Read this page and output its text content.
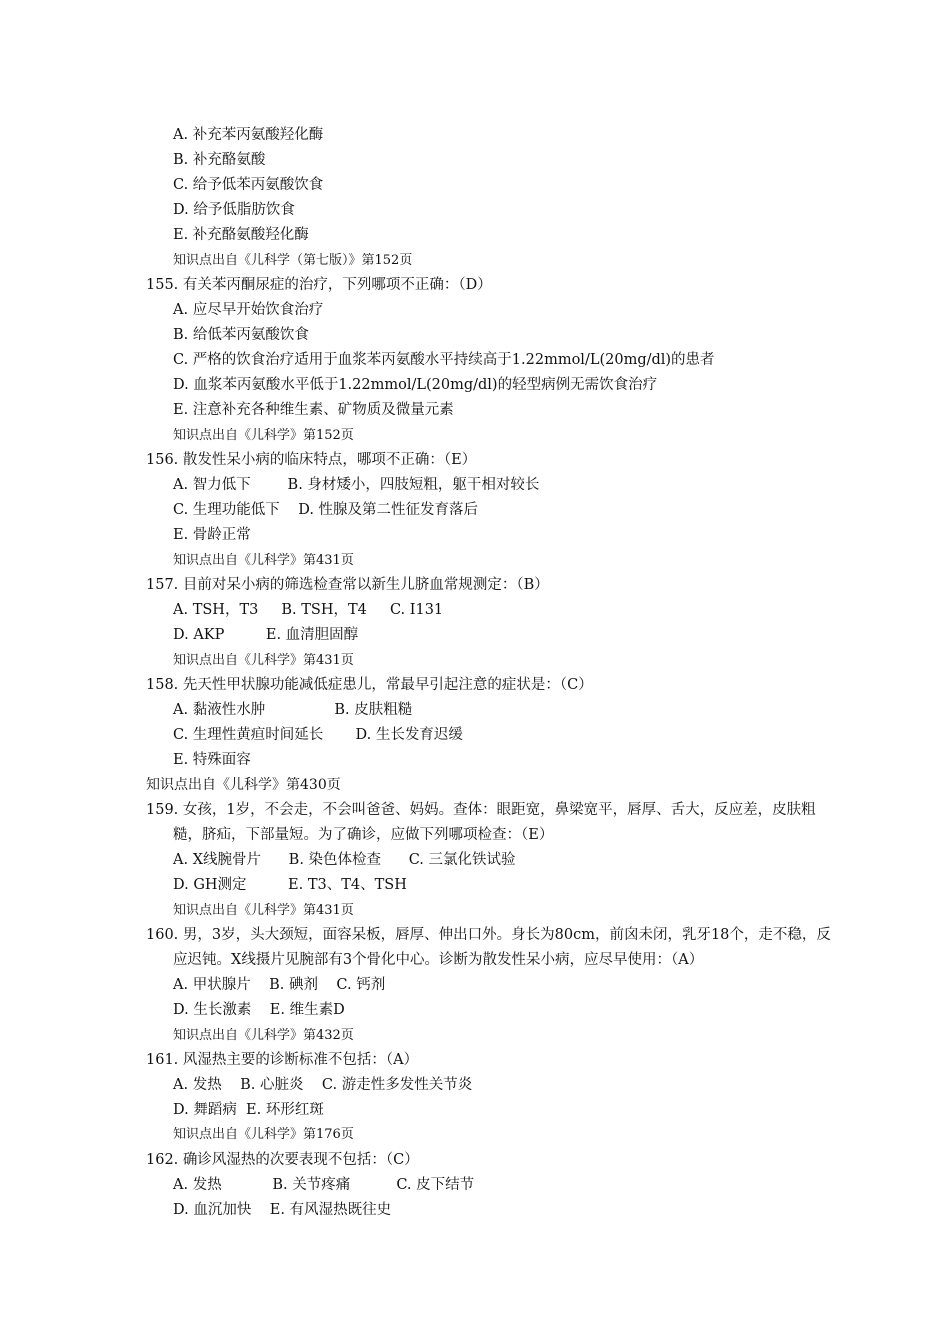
A. 补充苯丙氨酸羟化酶
B. 补充酪氨酸
C. 给予低苯丙氨酸饮食
D. 给予低脂肪饮食
E. 补充酪氨酸羟化酶
知识点出自《儿科学（第七版）》第152页
155. 有关苯丙酮尿症的治疗，下列哪项不正确：（D）
A. 应尽早开始饮食治疗
B. 给低苯丙氨酸饮食
C. 严格的饮食治疗适用于血浆苯丙氨酸水平持续高于1.22mmol/L(20mg/dl)的患者
D. 血浆苯丙氨酸水平低于1.22mmol/L(20mg/dl)的轻型病例无需饮食治疗
E. 注意补充各种维生素、矿物质及微量元素
知识点出自《儿科学》第152页
156. 散发性呆小病的临床特点，哪项不正确：（E）
A. 智力低下        B. 身材矮小，四肢短粗，躯干相对较长
C. 生理功能低下    D. 性腺及第二性征发育落后
E. 骨龄正常
知识点出自《儿科学》第431页
157. 目前对呆小病的筛选检查常以新生儿脐血常规测定：（B）
A. TSH，T3     B. TSH，T4     C. I131
D. AKP         E. 血清胆固醇
知识点出自《儿科学》第431页
158. 先天性甲状腺功能减低症患儿，常最早引起注意的症状是：（C）
A. 黏液性水肿               B. 皮肤粗糙
C. 生理性黄疸时间延长       D. 生长发育迟缓
E. 特殊面容
知识点出自《儿科学》第430页
159. 女孩，1岁，不会走，不会叫爸爸、妈妈。查体：眼距宽，鼻梁宽平，唇厚、舌大，反应差，皮肤粗
糙，脐疝，下部量短。为了确诊，应做下列哪项检查：（E）
A. X线腕骨片      B. 染色体检查      C. 三氯化铁试验
D. GH测定         E. T3、T4、TSH
知识点出自《儿科学》第431页
160. 男，3岁，头大颈短，面容呆板，唇厚、伸出口外。身长为80cm，前囟未闭，乳牙18个，走不稳，反
应迟钝。X线摄片见腕部有3个骨化中心。诊断为散发性呆小病，应尽早使用：（A）
A. 甲状腺片    B. 碘剂    C. 钙剂
D. 生长激素    E. 维生素D
知识点出自《儿科学》第432页
161. 风湿热主要的诊断标准不包括：（A）
A. 发热    B. 心脏炎    C. 游走性多发性关节炎
D. 舞蹈病  E. 环形红斑
知识点出自《儿科学》第176页
162. 确诊风湿热的次要表现不包括：（C）
A. 发热           B. 关节疼痛          C. 皮下结节
D. 血沉加快    E. 有风湿热既往史
